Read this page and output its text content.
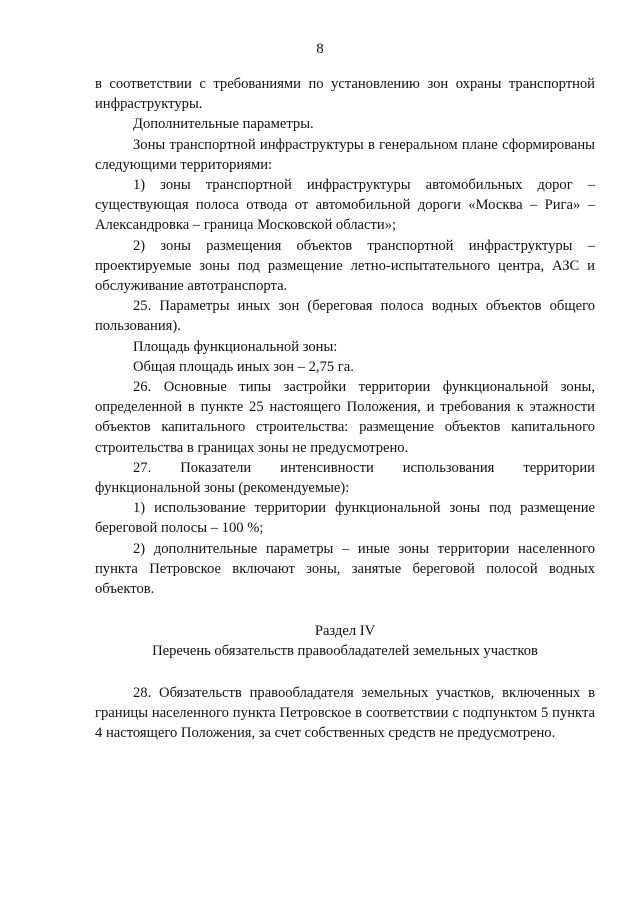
8

в соответствии с требованиями по установлению зон охраны транспортной инфраструктуры.

Дополнительные параметры.

Зоны транспортной инфраструктуры в генеральном плане сформированы следующими территориями:

1) зоны транспортной инфраструктуры автомобильных дорог – существующая полоса отвода от автомобильной дороги «Москва – Рига» – Александровка – граница Московской области»;

2) зоны размещения объектов транспортной инфраструктуры – проектируемые зоны под размещение летно-испытательного центра, АЗС и обслуживание автотранспорта.

25. Параметры иных зон (береговая полоса водных объектов общего пользования).

Площадь функциональной зоны:

Общая площадь иных зон – 2,75 га.

26. Основные типы застройки территории функциональной зоны, определенной в пункте 25 настоящего Положения, и требования к этажности объектов капитального строительства: размещение объектов капитального строительства в границах зоны не предусмотрено.

27. Показатели интенсивности использования территории функциональной зоны (рекомендуемые):

1) использование территории функциональной зоны под размещение береговой полосы – 100 %;

2) дополнительные параметры – иные зоны территории населенного пункта Петровское включают зоны, занятые береговой полосой водных объектов.

Раздел IV
Перечень обязательств правообладателей земельных участков

28. Обязательств правообладателя земельных участков, включенных в границы населенного пункта Петровское в соответствии с подпунктом 5 пункта 4 настоящего Положения, за счет собственных средств не предусмотрено.
